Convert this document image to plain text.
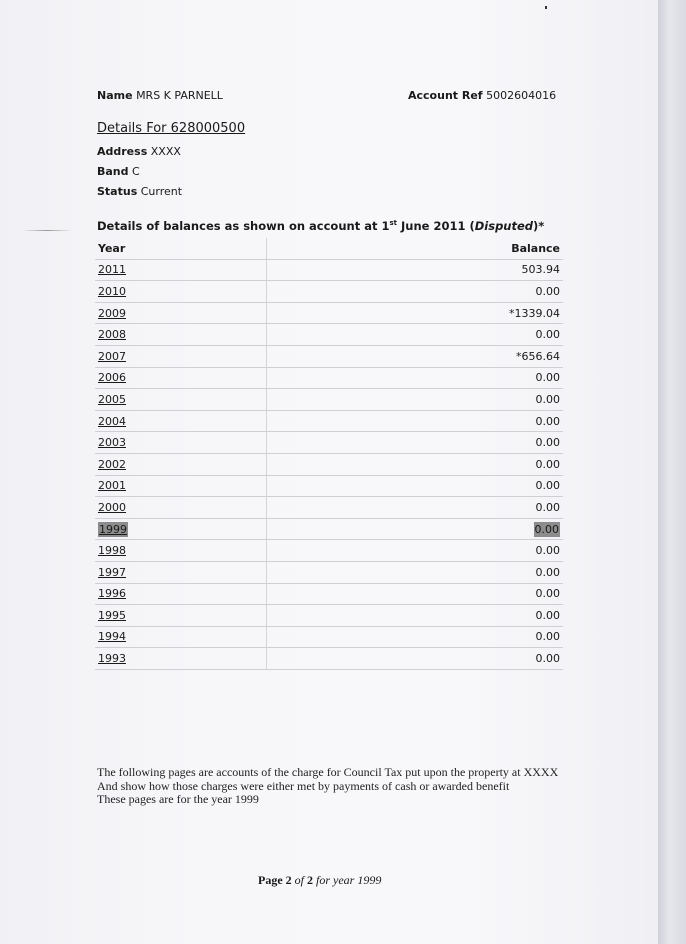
Name MRS K PARNELL	Account Ref 5002604016
Details For 628000500
Address XXXX
Band C
Status Current
Details of balances as shown on account at 1st June 2011 (Disputed)*
Year	Balance
2011	503.94
2010	0.00
2009	*1339.04
2008	0.00
2007	*656.64
2006	0.00
2005	0.00
2004	0.00
2003	0.00
2002	0.00
2001	0.00
2000	0.00
1999	0.00
1998	0.00
1997	0.00
1996	0.00
1995	0.00
1994	0.00
1993	0.00

The following pages are accounts of the charge for Council Tax put upon the property at XXXX

And show how those charges were either met by payments of cash or awarded benefit

These pages are for the year 1999

Page 2 of 2 for year 1999
